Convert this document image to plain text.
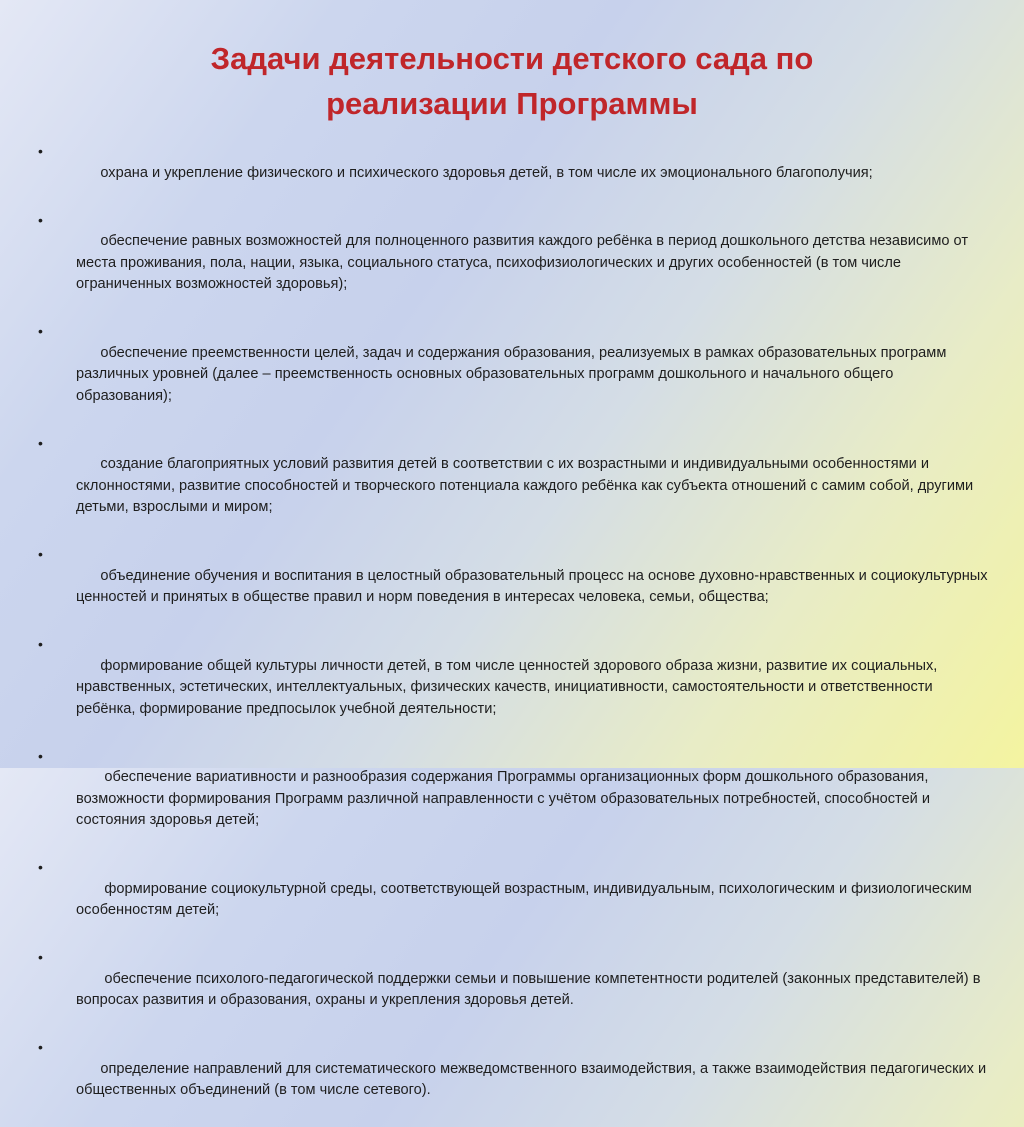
Задачи деятельности детского сада по
реализации Программы

•
охрана и укрепление физического и психического здоровья детей, в том числе их эмоционального благополучия;

•
обеспечение равных возможностей для полноценного развития каждого ребёнка в период дошкольного детства независимо от места проживания, пола, нации, языка, социального статуса, психофизиологических и других особенностей (в том числе ограниченных возможностей здоровья);

•
обеспечение преемственности целей, задач и содержания образования, реализуемых в рамках образовательных программ различных уровней (далее – преемственность основных образовательных программ дошкольного и начального общего образования);

•
создание благоприятных условий развития детей в соответствии с их возрастными и индивидуальными особенностями и склонностями, развитие способностей и творческого потенциала каждого ребёнка как субъекта отношений с самим собой, другими детьми, взрослыми и миром;

•
объединение обучения и воспитания в целостный образовательный процесс на основе духовно-нравственных и социокультурных ценностей и принятых в обществе правил и норм поведения в интересах человека, семьи, общества;

•
формирование общей культуры личности детей, в том числе ценностей здорового образа жизни, развитие их социальных, нравственных, эстетических, интеллектуальных, физических качеств, инициативности, самостоятельности и ответственности ребёнка, формирование предпосылок учебной деятельности;

•
обеспечение вариативности и разнообразия содержания Программы организационных форм дошкольного образования, возможности формирования Программ различной направленности с учётом образовательных потребностей, способностей и состояния здоровья детей;

•
формирование социокультурной среды, соответствующей возрастным, индивидуальным, психологическим и физиологическим особенностям детей;

•
обеспечение психолого-педагогической поддержки семьи и повышение компетентности родителей (законных представителей) в вопросах развития и образования, охраны и укрепления здоровья детей.

•
определение направлений для систематического межведомственного взаимодействия, а также взаимодействия педагогических и общественных объединений (в том числе сетевого).
